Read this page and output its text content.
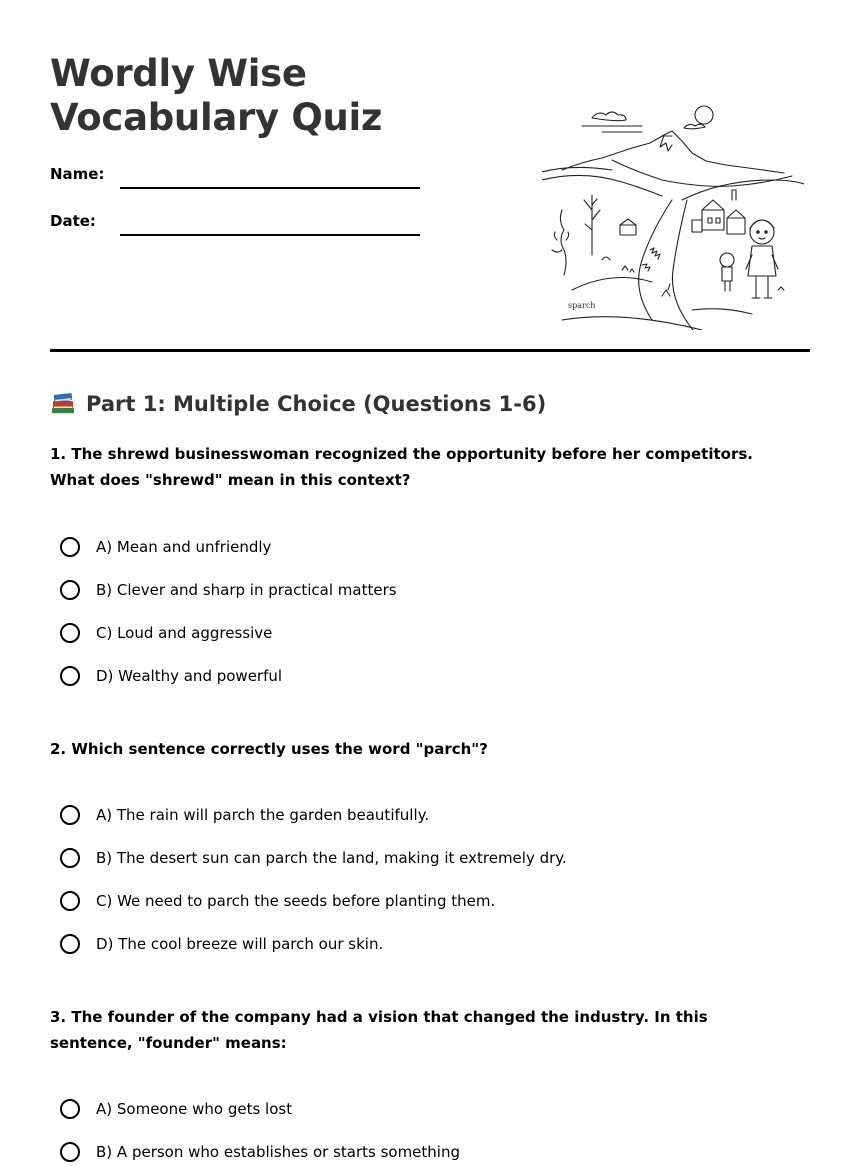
Wordly Wise
Vocabulary Quiz
Name:
Date:
sparch
Part 1: Multiple Choice (Questions 1-6)

1. The shrewd businesswoman recognized the opportunity before her competitors. What does "shrewd" mean in this context?

A) Mean and unfriendly
B) Clever and sharp in practical matters
C) Loud and aggressive
D) Wealthy and powerful

2. Which sentence correctly uses the word "parch"?

A) The rain will parch the garden beautifully.
B) The desert sun can parch the land, making it extremely dry.
C) We need to parch the seeds before planting them.
D) The cool breeze will parch our skin.

3. The founder of the company had a vision that changed the industry. In this sentence, "founder" means:

A) Someone who gets lost
B) A person who establishes or starts something
